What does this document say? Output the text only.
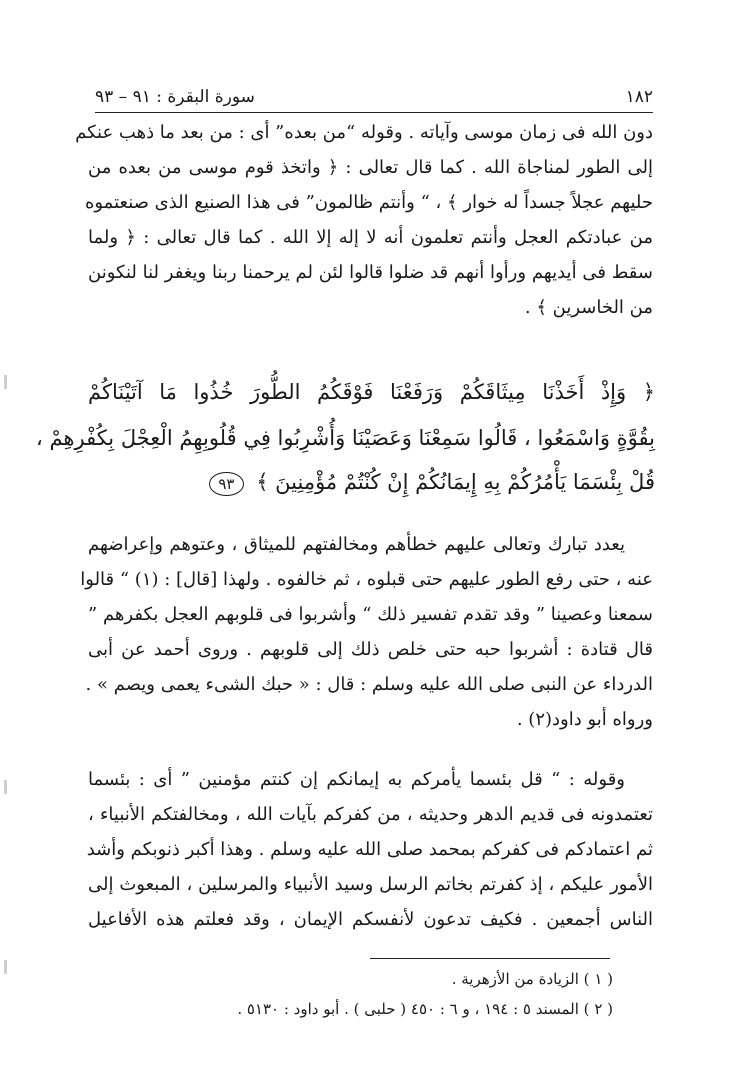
١٨٢
سورة البقرة : ٩١ – ٩٣
دون الله فى زمان موسى وآياته . وقوله “من بعده” أى : من بعد ما ذهب عنكم
إلى الطور لمناجاة الله . كما قال تعالى : ﴿ واتخذ قوم موسى من بعده من
حليهم عجلاً جسداً له خوار ﴾ ، “ وأنتم ظالمون” فى هذا الصنيع الذى صنعتموه
من عبادتكم العجل وأنتم تعلمون أنه لا إله إلا الله . كما قال تعالى : ﴿ ولما
سقط فى أيديهم ورأوا أنهم قد ضلوا قالوا لئن لم يرحمنا ربنا ويغفر لنا لنكونن
من الخاسرين ﴾ .
﴿ وَإِذْ أَخَذْنَا مِيثَاقَكُمْ وَرَفَعْنَا فَوْقَكُمُ الطُّورَ خُذُوا مَا آتَيْنَاكُمْ
بِقُوَّةٍ وَاسْمَعُوا ، قَالُوا سَمِعْنَا وَعَصَيْنَا وَأُشْرِبُوا فِي قُلُوبِهِمُ الْعِجْلَ بِكُفْرِهِمْ ،
قُلْ بِئْسَمَا يَأْمُرُكُمْ بِهِ إِيمَانُكُمْ إِنْ كُنْتُمْ مُؤْمِنِينَ ﴾ ٩٣
يعدد تبارك وتعالى عليهم خطأهم ومخالفتهم للميثاق ، وعتوهم وإعراضهم
عنه ، حتى رفع الطور عليهم حتى قبلوه ، ثم خالفوه . ولهذا [قال] : (١) “ قالوا
سمعنا وعصينا ” وقد تقدم تفسير ذلك “ وأشربوا فى قلوبهم العجل بكفرهم ”
قال قتادة : أشربوا حبه حتى خلص ذلك إلى قلوبهم . وروى أحمد عن أبى
الدرداء عن النبى صلى الله عليه وسلم : قال : « حبك الشىء يعمى ويصم » .
ورواه أبو داود(٢) .
وقوله : “ قل بئسما يأمركم به إيمانكم إن كنتم مؤمنين ” أى : بئسما
تعتمدونه فى قديم الدهر وحديثه ، من كفركم بآيات الله ، ومخالفتكم الأنبياء ،
ثم اعتمادكم فى كفركم بمحمد صلى الله عليه وسلم . وهذا أكبر ذنوبكم وأشد
الأمور عليكم ، إذ كفرتم بخاتم الرسل وسيد الأنبياء والمرسلين ، المبعوث إلى
الناس أجمعين . فكيف تدعون لأنفسكم الإيمان ، وقد فعلتم هذه الأفاعيل
( ١ ) الزيادة من الأزهرية .
( ٢ ) المسند ٥ : ١٩٤ ، و ٦ : ٤٥٠ ( حلبى ) . أبو داود : ٥١٣٠ .
